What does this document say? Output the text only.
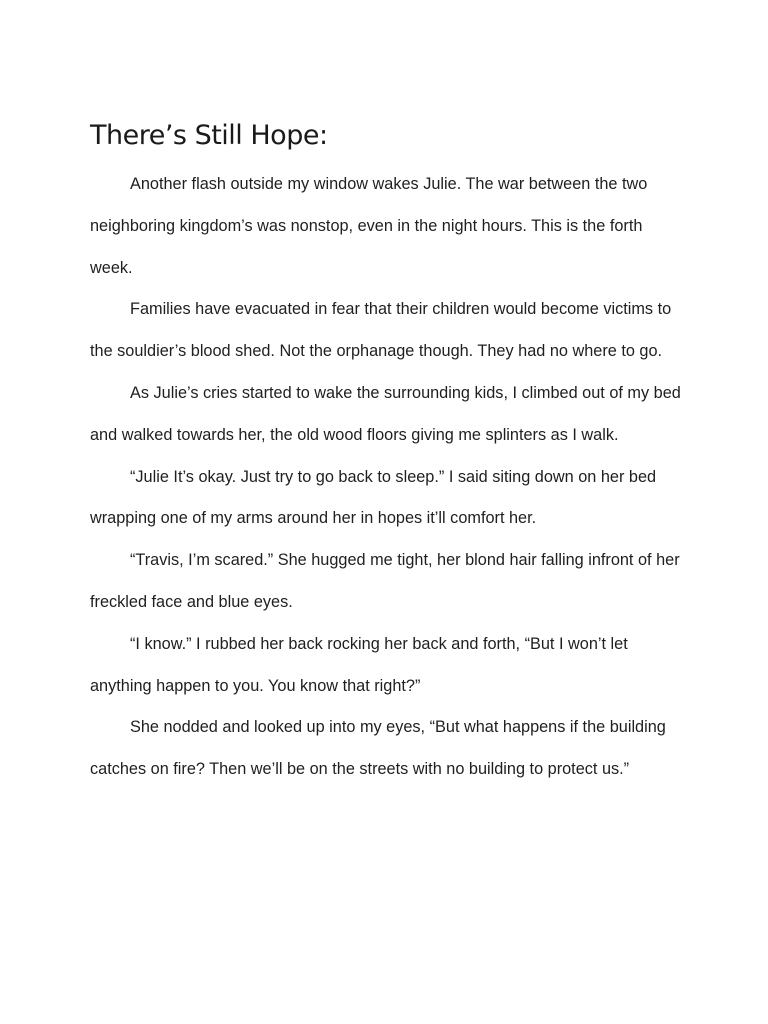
There’s Still Hope:

Another flash outside my window wakes Julie. The war between the two neighboring kingdom’s was nonstop, even in the night hours. This is the forth week.

Families have evacuated in fear that their children would become victims to the souldier’s blood shed. Not the orphanage though. They had no where to go.

As Julie’s cries started to wake the surrounding kids, I climbed out of my bed and walked towards her, the old wood floors giving me splinters as I walk.

“Julie It’s okay. Just try to go back to sleep.” I said siting down on her bed wrapping one of my arms around her in hopes it’ll comfort her.

“Travis, I’m scared.” She hugged me tight, her blond hair falling infront of her freckled face and blue eyes.

“I know.” I rubbed her back rocking her back and forth, “But I won’t let anything happen to you. You know that right?”

She nodded and looked up into my eyes, “But what happens if the building catches on fire? Then we’ll be on the streets with no building to protect us.”
